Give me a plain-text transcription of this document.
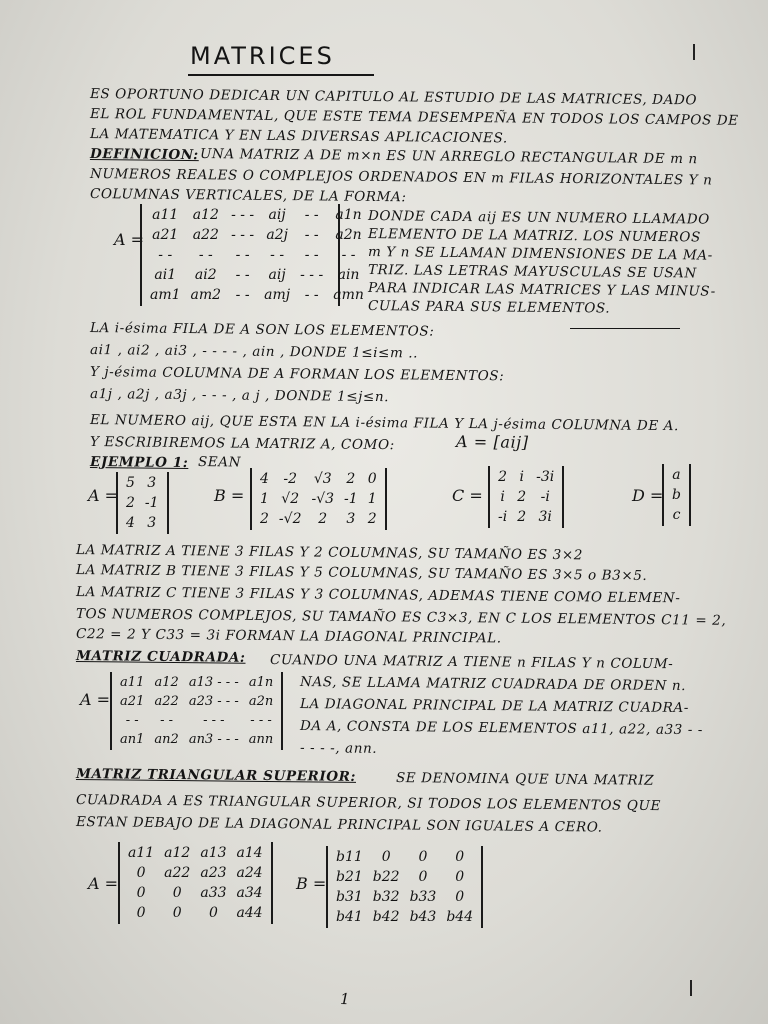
MATRICES
ES OPORTUNO DEDICAR UN CAPITULO AL ESTUDIO DE LAS MATRICES, DADO
EL ROL FUNDAMENTAL, QUE ESTE TEMA DESEMPEÑA EN TODOS LOS CAMPOS DE
LA MATEMATICA Y EN LAS DIVERSAS APLICACIONES.
DEFINICION: UNA MATRIZ A DE m×n ES UN ARREGLO RECTANGULAR DE m n
NUMEROS REALES O COMPLEJOS ORDENADOS EN m FILAS HORIZONTALES Y n
COLUMNAS VERTICALES, DE LA FORMA:
A =
a11 a12 - - -	aij	- -	a1n
a21 a22 - - - a2j	- -	a2n
- -	- -	- -	- -	- -	- -
ai1	ai2	- -	aij	- - -	ain
am1 am2	- -	amj	- -	amn
DONDE CADA aij ES UN NUMERO LLAMADO
ELEMENTO DE LA MATRIZ. LOS NUMEROS
m Y n SE LLAMAN DIMENSIONES DE LA MA-
TRIZ. LAS LETRAS MAYUSCULAS SE USAN
PARA INDICAR LAS MATRICES Y LAS MINUS-
CULAS PARA SUS ELEMENTOS.
LA i-ésima FILA DE A SON LOS ELEMENTOS:
ai1 , ai2 , ai3 , - - - - , ain , DONDE 1≤i≤m ..
Y j-ésima COLUMNA DE A FORMAN LOS ELEMENTOS:
a1j , a2j , a3j , - - - , a j , DONDE 1≤j≤n.
EL NUMERO aij, QUE ESTA EN LA i-ésima FILA Y LA j-ésima COLUMNA DE A.
Y ESCRIBIREMOS LA MATRIZ A, COMO:	A = [aij]
EJEMPLO 1: SEAN
A =
5 3
2 -1
4 3
B =
4	-2	√3 2 0
1 √2 -√3 -1 1
2 -√2	2	3 2
C =
2 i -3i
i 2	-i
-i 2 3i
D =
a
b
c
LA MATRIZ A TIENE 3 FILAS Y 2 COLUMNAS, SU TAMAÑO ES 3×2
LA MATRIZ B TIENE 3 FILAS Y 5 COLUMNAS, SU TAMAÑO ES 3×5 o B3×5.
LA MATRIZ C TIENE 3 FILAS Y 3 COLUMNAS, ADEMAS TIENE COMO ELEMEN-
TOS NUMEROS COMPLEJOS, SU TAMAÑO ES C3×3, EN C LOS ELEMENTOS C11 = 2,
C22 = 2 Y C33 = 3i FORMAN LA DIAGONAL PRINCIPAL.
MATRIZ CUADRADA: CUANDO UNA MATRIZ A TIENE n FILAS Y n COLUM-
A =
a11 a12 a13 - - - a1n
a21 a22 a23 - - - a2n
- -	- -	- - -	- - -
an1 an2 an3 - - - ann
NAS, SE LLAMA MATRIZ CUADRADA DE ORDEN n.
LA DIAGONAL PRINCIPAL DE LA MATRIZ CUADRA-
DA A, CONSTA DE LOS ELEMENTOS a11, a22, a33 - -
- - - -, ann.
MATRIZ TRIANGULAR SUPERIOR:	SE DENOMINA QUE UNA MATRIZ
CUADRADA A ES TRIANGULAR SUPERIOR, SI TODOS LOS ELEMENTOS QUE
ESTAN DEBAJO DE LA DIAGONAL PRINCIPAL SON IGUALES A CERO.
A =
a11 a12 a13 a14
0	a22 a23 a24
0	0	a33 a34
0	0	0	a44
B =
b11	0	0	0
b21 b22	0	0
b31 b32 b33	0
b41 b42 b43 b44
1
